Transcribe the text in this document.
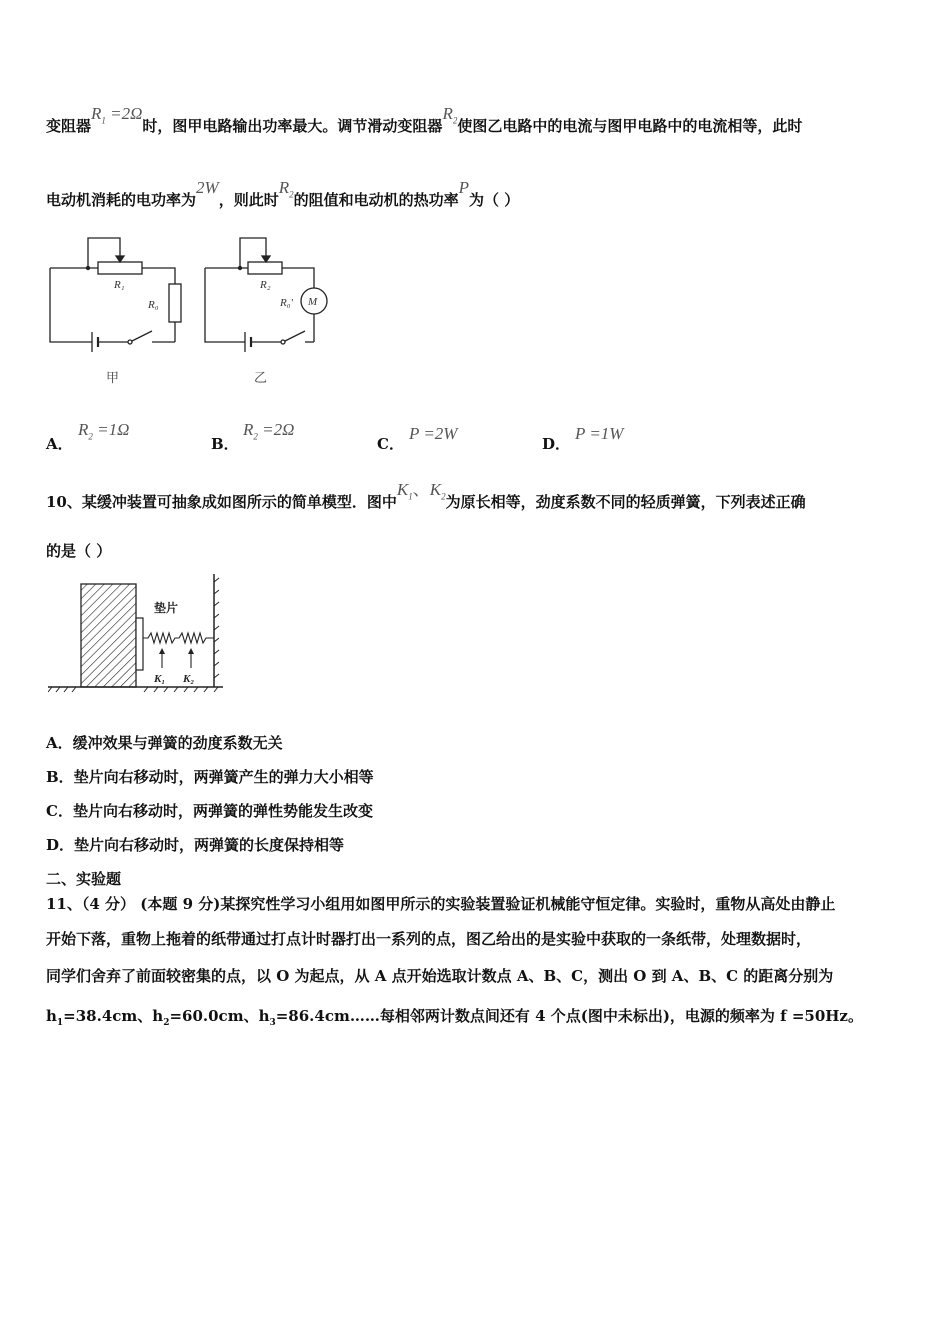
变阻器$R_1 =2\Omega$时，图甲电路输出功率最大。调节滑动变阻器$R_2$使图乙电路中的电流与图甲电路中的电流相等，此时
电动机消耗的电功率为2W，则此时$R_2$的阻值和电动机的热功率P为（ ）
R₁
R₀
R₂
R₀' M
甲	乙
A．
$R_2 =1\Omega$
B．
$R_2 =2\Omega$
C．
P =2W
D．
P =1W
10、某缓冲装置可抽象成如图所示的简单模型．图中$K_1$、$K_2$为原长相等，劲度系数不同的轻质弹簧，下列表述正确
的是（ ）
垫片
K₁ K₂
A．缓冲效果与弹簧的劲度系数无关
B．垫片向右移动时，两弹簧产生的弹力大小相等
C．垫片向右移动时，两弹簧的弹性势能发生改变
D．垫片向右移动时，两弹簧的长度保持相等
二、实验题
11、（4 分） (本题 9 分)某探究性学习小组用如图甲所示的实验装置验证机械能守恒定律。实验时，重物从高处由静止
开始下落，重物上拖着的纸带通过打点计时器打出一系列的点，图乙给出的是实验中获取的一条纸带，处理数据时，
同学们舍弃了前面较密集的点，以 O 为起点，从 A 点开始选取计数点 A、B、C，测出 O 到 A、B、C 的距离分别为
$h_1=38.4cm$、$h_2=60.0cm$、$h_3=86.4cm\dots\dots$每相邻两计数点间还有 4 个点(图中未标出)，电源的频率为 f =50Hz。
